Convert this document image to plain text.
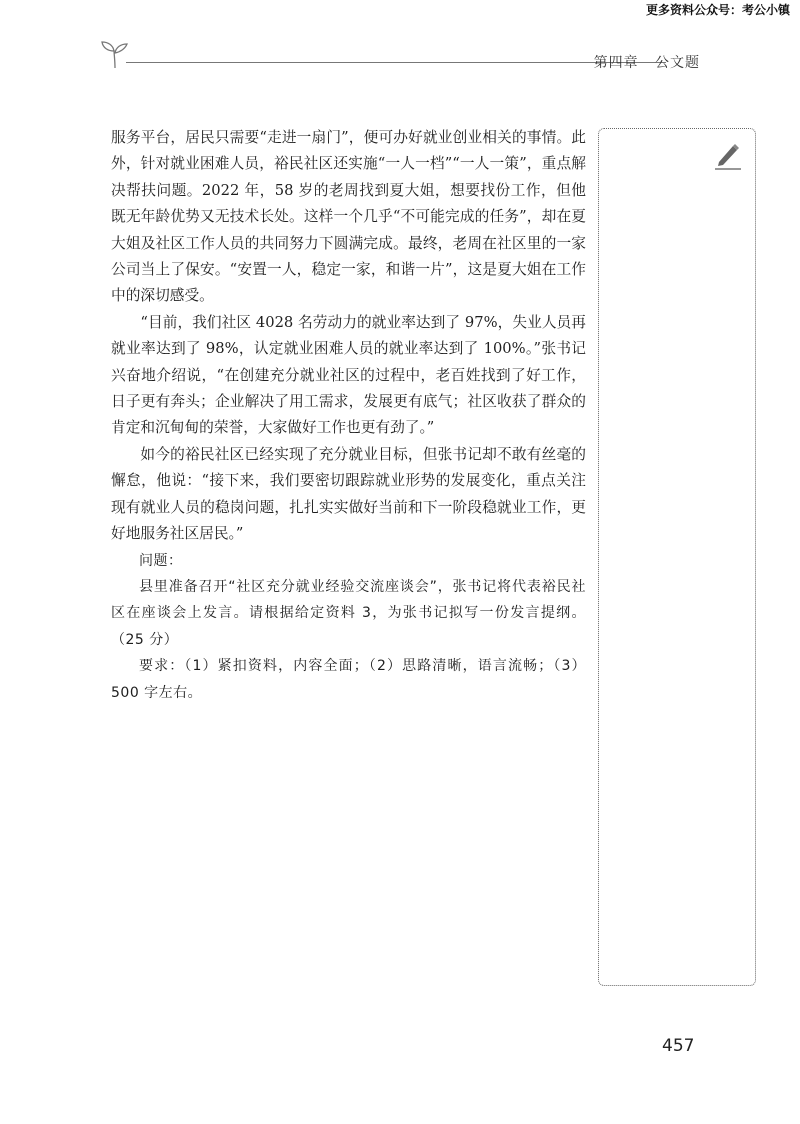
更多资料公众号：考公小镇
第四章   公文题

服务平台，居民只需要“走进一扇门”，便可办好就业创业相关的事情。此外，针对就业困难人员，裕民社区还实施“一人一档”“一人一策”，重点解决帮扶问题。2022 年，58 岁的老周找到夏大姐，想要找份工作，但他既无年龄优势又无技术长处。这样一个几乎“不可能完成的任务”，却在夏大姐及社区工作人员的共同努力下圆满完成。最终，老周在社区里的一家公司当上了保安。“安置一人，稳定一家，和谐一片”，这是夏大姐在工作中的深切感受。

“目前，我们社区 4028 名劳动力的就业率达到了 97%，失业人员再就业率达到了 98%，认定就业困难人员的就业率达到了 100%。”张书记兴奋地介绍说，“在创建充分就业社区的过程中，老百姓找到了好工作，日子更有奔头；企业解决了用工需求，发展更有底气；社区收获了群众的肯定和沉甸甸的荣誉，大家做好工作也更有劲了。”

如今的裕民社区已经实现了充分就业目标，但张书记却不敢有丝毫的懈怠，他说：“接下来，我们要密切跟踪就业形势的发展变化，重点关注现有就业人员的稳岗问题，扎扎实实做好当前和下一阶段稳就业工作，更好地服务社区居民。”

问题：

县里准备召开“社区充分就业经验交流座谈会”，张书记将代表裕民社区在座谈会上发言。请根据给定资料 3，为张书记拟写一份发言提纲。（25 分）

要求：（1）紧扣资料，内容全面；（2）思路清晰，语言流畅；（3）500 字左右。

457
